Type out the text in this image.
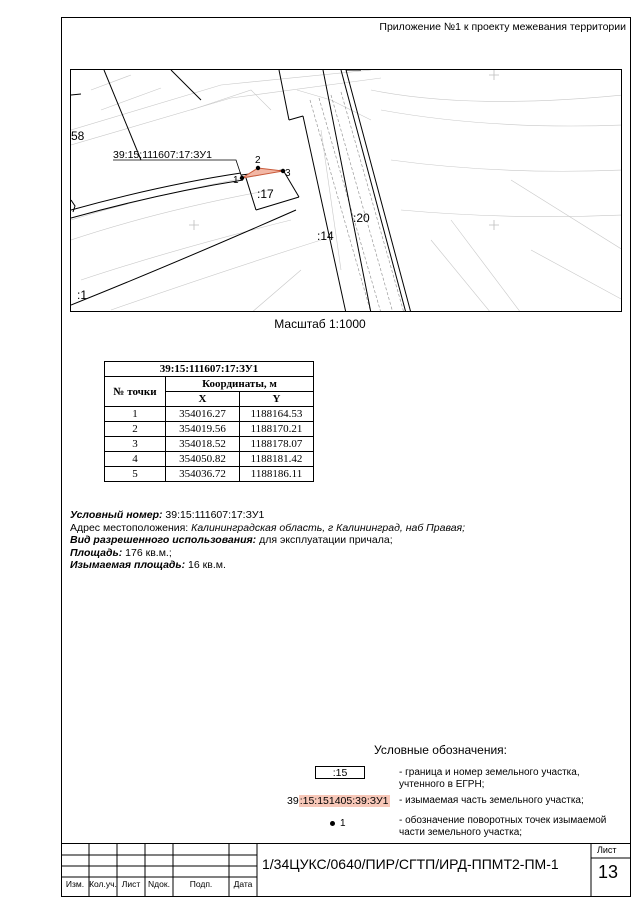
Приложение №1 к проекту межевания территории
58
39:15:111607:17:ЗУ1
1
2
3
:17
:14
:20
:1
Масштаб 1:1000
39:15:111607:17:ЗУ1		
№ точки	Координаты, м	
	X	Y
1	354016.27	1188164.53
2	354019.56	1188170.21
3	354018.52	1188178.07
4	354050.82	1188181.42
5	354036.72	1188186.11
Условный номер: 39:15:111607:17:ЗУ1
Адрес местоположения: Калининградская область, г Калининград, наб Правая;
Вид разрешенного использования: для эксплуатации причала;
Площадь: 176 кв.м.;
Изымаемая площадь: 16 кв.м.
Условные обозначения:
:15	- граница и номер земельного участка, учтенного в ЕГРН;
39:15:151405:39:ЗУ1 - изымаемая часть земельного участка;
1	- обозначение поворотных точек изымаемой части земельного участка;
Изм. Кол.уч. Лист Nдок.	Подп.	Дата
1/34ЦУКС/0640/ПИР/СГТП/ИРД-ППМТ2-ПМ-1
Лист
13
